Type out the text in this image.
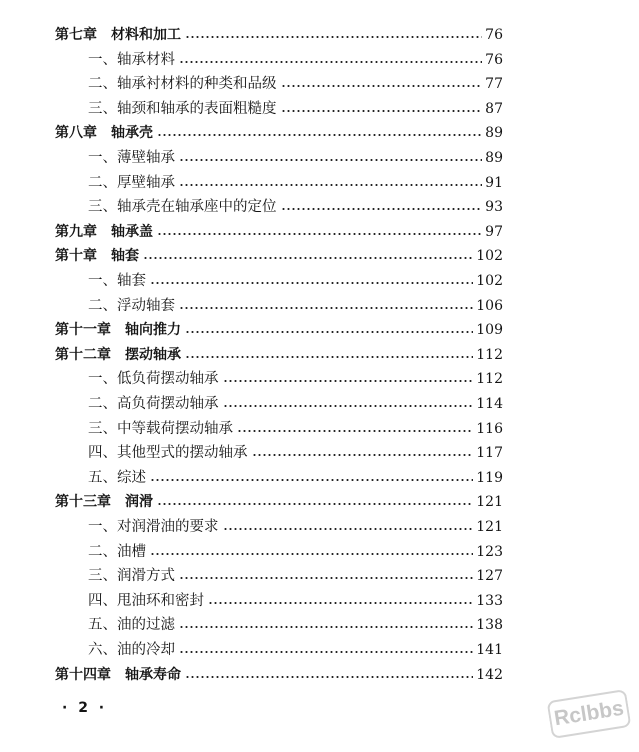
第七章 材料和加工	76
一、轴承材料	76
二、轴承衬材料的种类和品级	77
三、轴颈和轴承的表面粗糙度	87
第八章 轴承壳	89
一、薄壁轴承	89
二、厚壁轴承	91
三、轴承壳在轴承座中的定位	93
第九章 轴承盖	97
第十章 轴套	102
一、轴套	102
二、浮动轴套	106
第十一章 轴向推力	109
第十二章 摆动轴承	112
一、低负荷摆动轴承	112
二、高负荷摆动轴承	114
三、中等载荷摆动轴承	116
四、其他型式的摆动轴承	117
五、综述	119
第十三章 润滑	121
一、对润滑油的要求	121
二、油槽	123
三、润滑方式	127
四、甩油环和密封	133
五、油的过滤	138
六、油的冷却	141
第十四章 轴承寿命	142
· 2 ·	Rclbbs
